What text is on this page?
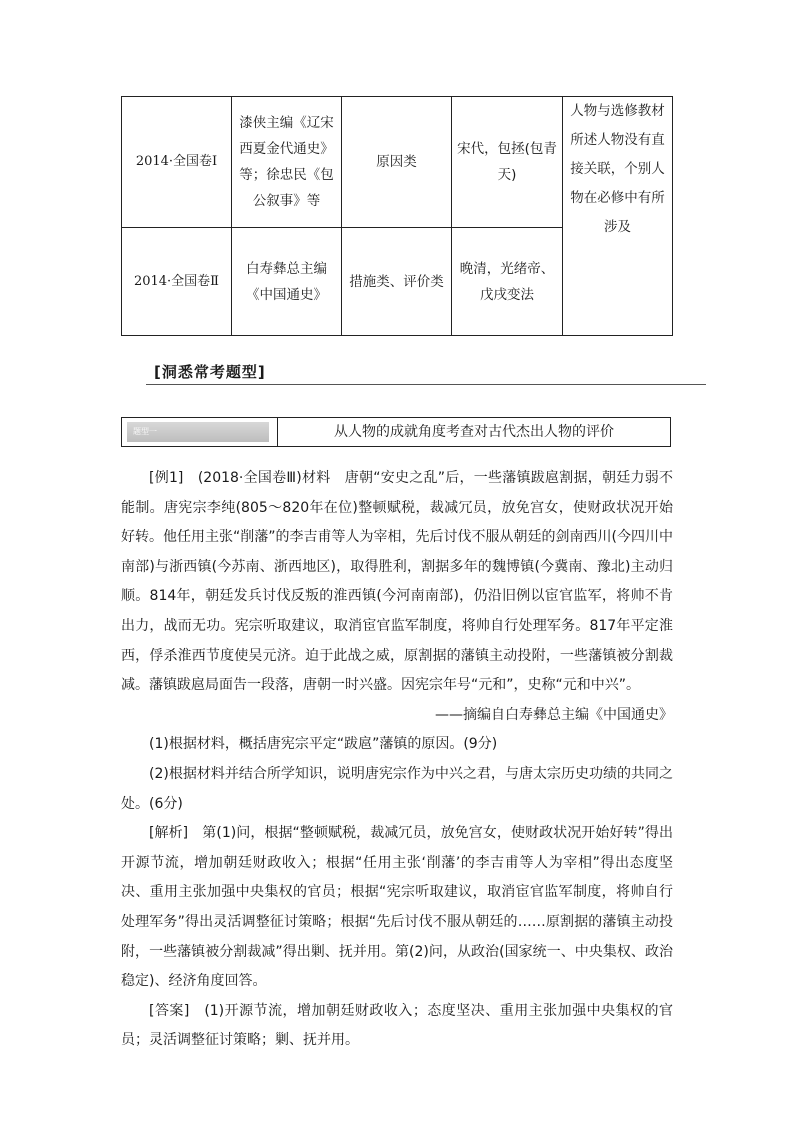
2014·全国卷Ⅰ	漆侠主编《辽宋西夏金代通史》等；徐忠民《包公叙事》等	原因类	宋代，包拯(包青天)	人物与选修教材所述人物没有直接关联，个别人物在必修中有所涉及
2014·全国卷Ⅱ	白寿彝总主编《中国通史》	措施类、评价类	晚清，光绪帝、戊戌变法	
[洞悉常考题型]
题型一	从人物的成就角度考查对古代杰出人物的评价

[例1]　(2018·全国卷Ⅲ)材料　唐朝“安史之乱”后，一些藩镇跋扈割据，朝廷力弱不能制。唐宪宗李纯(805～820年在位)整顿赋税，裁减冗员，放免宫女，使财政状况开始好转。他任用主张“削藩”的李吉甫等人为宰相，先后讨伐不服从朝廷的剑南西川(今四川中南部)与浙西镇(今苏南、浙西地区)，取得胜利，割据多年的魏博镇(今冀南、豫北)主动归顺。814年，朝廷发兵讨伐反叛的淮西镇(今河南南部)，仍沿旧例以宦官监军，将帅不肯出力，战而无功。宪宗听取建议，取消宦官监军制度，将帅自行处理军务。817年平定淮西，俘杀淮西节度使吴元济。迫于此战之威，原割据的藩镇主动投附，一些藩镇被分割裁减。藩镇跋扈局面告一段落，唐朝一时兴盛。因宪宗年号“元和”，史称“元和中兴”。

——摘编自白寿彝总主编《中国通史》

(1)根据材料，概括唐宪宗平定“跋扈”藩镇的原因。(9分)

(2)根据材料并结合所学知识，说明唐宪宗作为中兴之君，与唐太宗历史功绩的共同之处。(6分)

[解析]　第(1)问，根据“整顿赋税，裁减冗员，放免宫女，使财政状况开始好转”得出开源节流，增加朝廷财政收入；根据“任用主张‘削藩’的李吉甫等人为宰相”得出态度坚决、重用主张加强中央集权的官员；根据“宪宗听取建议，取消宦官监军制度，将帅自行处理军务”得出灵活调整征讨策略；根据“先后讨伐不服从朝廷的……原割据的藩镇主动投附，一些藩镇被分割裁减”得出剿、抚并用。第(2)问，从政治(国家统一、中央集权、政治稳定)、经济角度回答。

[答案]　(1)开源节流，增加朝廷财政收入；态度坚决、重用主张加强中央集权的官员；灵活调整征讨策略；剿、抚并用。
